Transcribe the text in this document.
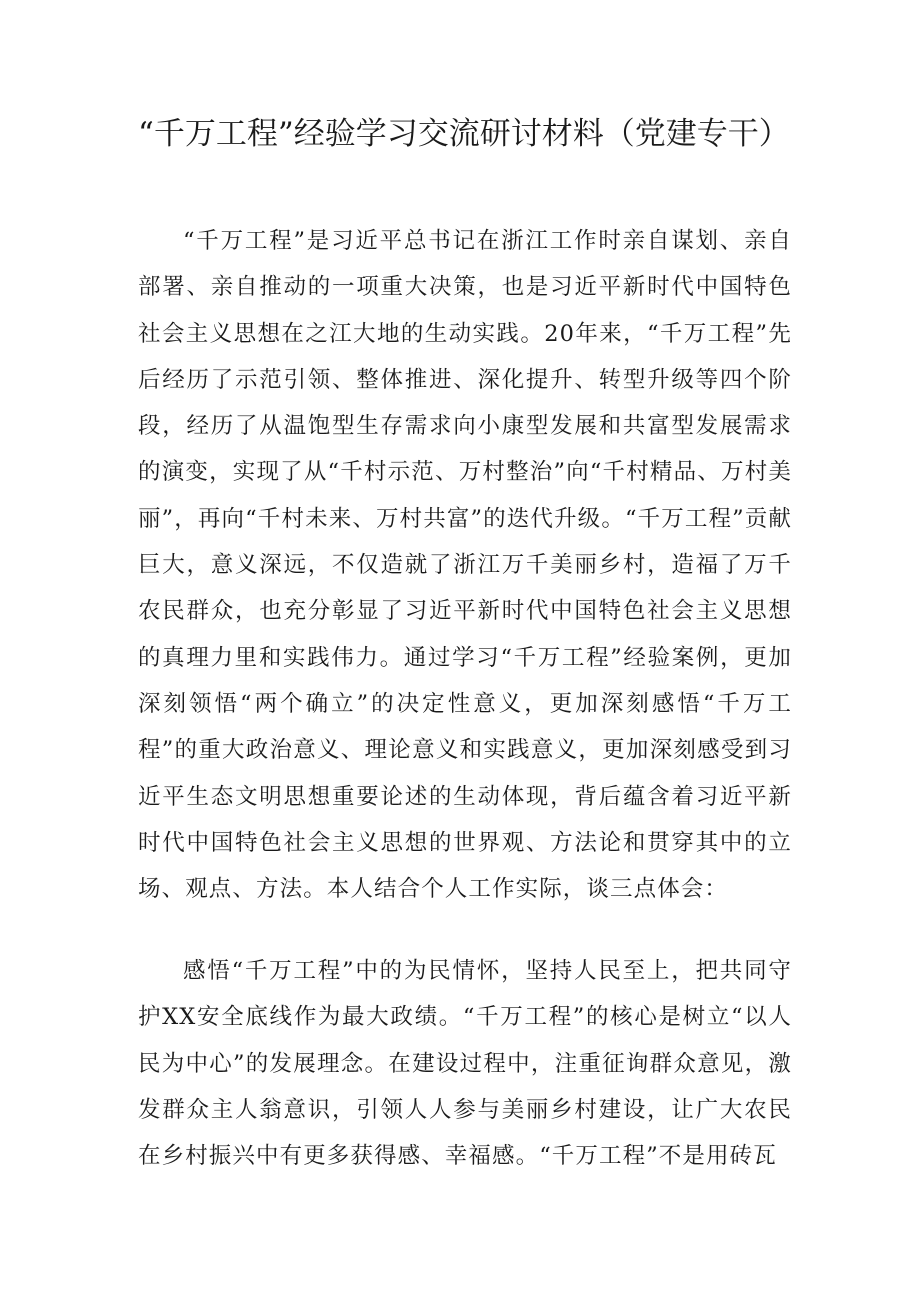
“千万工程”经验学习交流研讨材料（党建专干）

“千万工程”是习近平总书记在浙江工作时亲自谋划、亲自部署、亲自推动的一项重大决策，也是习近平新时代中国特色社会主义思想在之江大地的生动实践。20年来，“千万工程”先后经历了示范引领、整体推进、深化提升、转型升级等四个阶段，经历了从温饱型生存需求向小康型发展和共富型发展需求的演变，实现了从“千村示范、万村整治”向“千村精品、万村美丽”，再向“千村未来、万村共富”的迭代升级。“千万工程”贡献巨大，意义深远，不仅造就了浙江万千美丽乡村，造福了万千农民群众，也充分彰显了习近平新时代中国特色社会主义思想的真理力里和实践伟力。通过学习“千万工程”经验案例，更加深刻领悟“两个确立”的决定性意义，更加深刻感悟“千万工程”的重大政治意义、理论意义和实践意义，更加深刻感受到习近平生态文明思想重要论述的生动体现，背后蕴含着习近平新时代中国特色社会主义思想的世界观、方法论和贯穿其中的立场、观点、方法。本人结合个人工作实际，谈三点体会：

感悟“千万工程”中的为民情怀，坚持人民至上，把共同守护XX安全底线作为最大政绩。“千万工程”的核心是树立“以人民为中心”的发展理念。在建设过程中，注重征询群众意见，激发群众主人翁意识，引领人人参与美丽乡村建设，让广大农民在乡村振兴中有更多获得感、幸福感。“千万工程”不是用砖瓦
